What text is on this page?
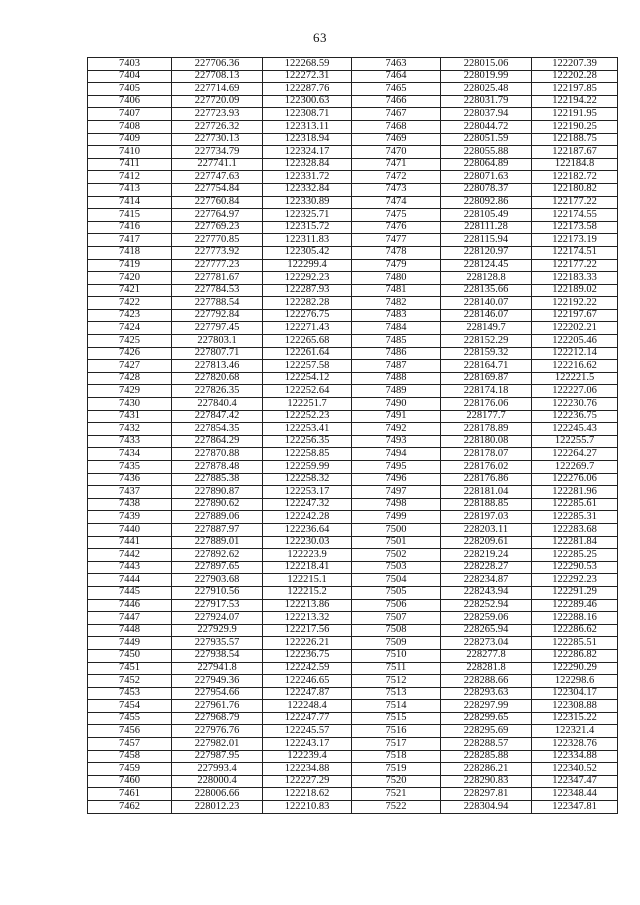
63
7403	227706.36	122268.59	7463	228015.06	122207.39
7404	227708.13	122272.31	7464	228019.99	122202.28
7405	227714.69	122287.76	7465	228025.48	122197.85
7406	227720.09	122300.63	7466	228031.79	122194.22
7407	227723.93	122308.71	7467	228037.94	122191.95
7408	227726.32	122313.11	7468	228044.72	122190.25
7409	227730.13	122318.94	7469	228051.59	122188.75
7410	227734.79	122324.17	7470	228055.88	122187.67
7411	227741.1	122328.84	7471	228064.89	122184.8
7412	227747.63	122331.72	7472	228071.63	122182.72
7413	227754.84	122332.84	7473	228078.37	122180.82
7414	227760.84	122330.89	7474	228092.86	122177.22
7415	227764.97	122325.71	7475	228105.49	122174.55
7416	227769.23	122315.72	7476	228111.28	122173.58
7417	227770.85	122311.83	7477	228115.94	122173.19
7418	227773.92	122305.42	7478	228120.97	122174.51
7419	227777.23	122299.4	7479	228124.45	122177.22
7420	227781.67	122292.23	7480	228128.8	122183.33
7421	227784.53	122287.93	7481	228135.66	122189.02
7422	227788.54	122282.28	7482	228140.07	122192.22
7423	227792.84	122276.75	7483	228146.07	122197.67
7424	227797.45	122271.43	7484	228149.7	122202.21
7425	227803.1	122265.68	7485	228152.29	122205.46
7426	227807.71	122261.64	7486	228159.32	122212.14
7427	227813.46	122257.58	7487	228164.71	122216.62
7428	227820.68	122254.12	7488	228169.87	122221.5
7429	227826.35	122252.64	7489	228174.18	122227.06
7430	227840.4	122251.7	7490	228176.06	122230.76
7431	227847.42	122252.23	7491	228177.7	122236.75
7432	227854.35	122253.41	7492	228178.89	122245.43
7433	227864.29	122256.35	7493	228180.08	122255.7
7434	227870.88	122258.85	7494	228178.07	122264.27
7435	227878.48	122259.99	7495	228176.02	122269.7
7436	227885.38	122258.32	7496	228176.86	122276.06
7437	227890.87	122253.17	7497	228181.04	122281.96
7438	227890.62	122247.32	7498	228188.85	122285.61
7439	227889.06	122242.28	7499	228197.03	122285.31
7440	227887.97	122236.64	7500	228203.11	122283.68
7441	227889.01	122230.03	7501	228209.61	122281.84
7442	227892.62	122223.9	7502	228219.24	122285.25
7443	227897.65	122218.41	7503	228228.27	122290.53
7444	227903.68	122215.1	7504	228234.87	122292.23
7445	227910.56	122215.2	7505	228243.94	122291.29
7446	227917.53	122213.86	7506	228252.94	122289.46
7447	227924.07	122213.32	7507	228259.06	122288.16
7448	227929.9	122217.56	7508	228265.94	122286.62
7449	227935.57	122226.21	7509	228273.04	122285.51
7450	227938.54	122236.75	7510	228277.8	122286.82
7451	227941.8	122242.59	7511	228281.8	122290.29
7452	227949.36	122246.65	7512	228288.66	122298.6
7453	227954.66	122247.87	7513	228293.63	122304.17
7454	227961.76	122248.4	7514	228297.99	122308.88
7455	227968.79	122247.77	7515	228299.65	122315.22
7456	227976.76	122245.57	7516	228295.69	122321.4
7457	227982.01	122243.17	7517	228288.57	122328.76
7458	227987.95	122239.4	7518	228285.88	122334.88
7459	227993.4	122234.88	7519	228286.21	122340.52
7460	228000.4	122227.29	7520	228290.83	122347.47
7461	228006.66	122218.62	7521	228297.81	122348.44
7462	228012.23	122210.83	7522	228304.94	122347.81
